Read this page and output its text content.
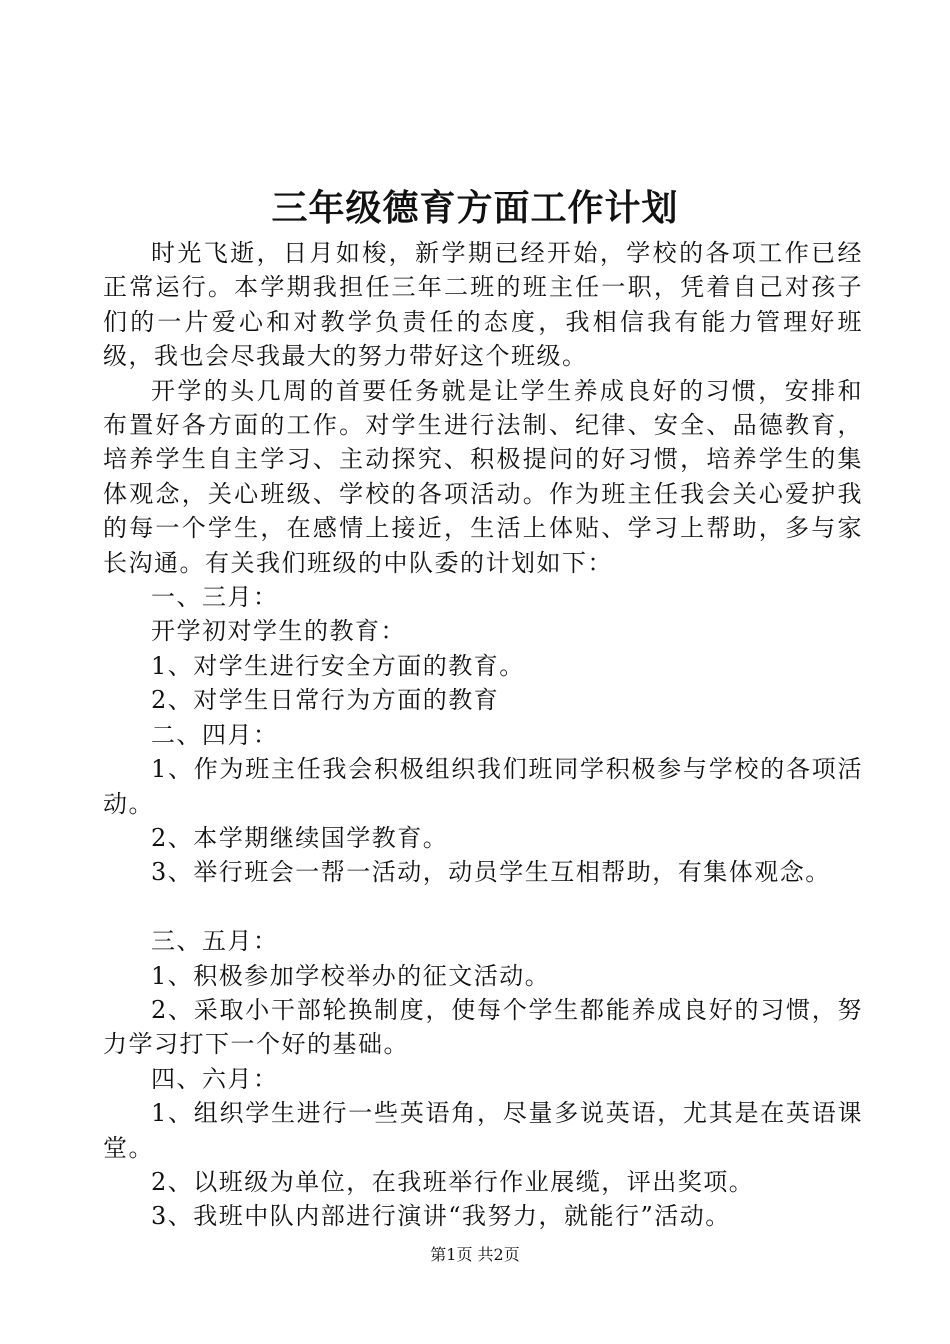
三年级德育方面工作计划

时光飞逝，日月如梭，新学期已经开始，学校的各项工作已经正常运行。本学期我担任三年二班的班主任一职，凭着自己对孩子们的一片爱心和对教学负责任的态度，我相信我有能力管理好班级，我也会尽我最大的努力带好这个班级。

开学的头几周的首要任务就是让学生养成良好的习惯，安排和布置好各方面的工作。对学生进行法制、纪律、安全、品德教育，培养学生自主学习、主动探究、积极提问的好习惯，培养学生的集体观念，关心班级、学校的各项活动。作为班主任我会关心爱护我的每一个学生，在感情上接近，生活上体贴、学习上帮助，多与家长沟通。有关我们班级的中队委的计划如下：

一、三月：

开学初对学生的教育：

1、对学生进行安全方面的教育。

2、对学生日常行为方面的教育

二、四月：

1、作为班主任我会积极组织我们班同学积极参与学校的各项活动。

2、本学期继续国学教育。

3、举行班会一帮一活动，动员学生互相帮助，有集体观念。

三、五月：

1、积极参加学校举办的征文活动。

2、采取小干部轮换制度，使每个学生都能养成良好的习惯，努力学习打下一个好的基础。

四、六月：

1、组织学生进行一些英语角，尽量多说英语，尤其是在英语课堂。

2、以班级为单位，在我班举行作业展缆，评出奖项。

3、我班中队内部进行演讲“我努力，就能行”活动。

第1页 共2页
